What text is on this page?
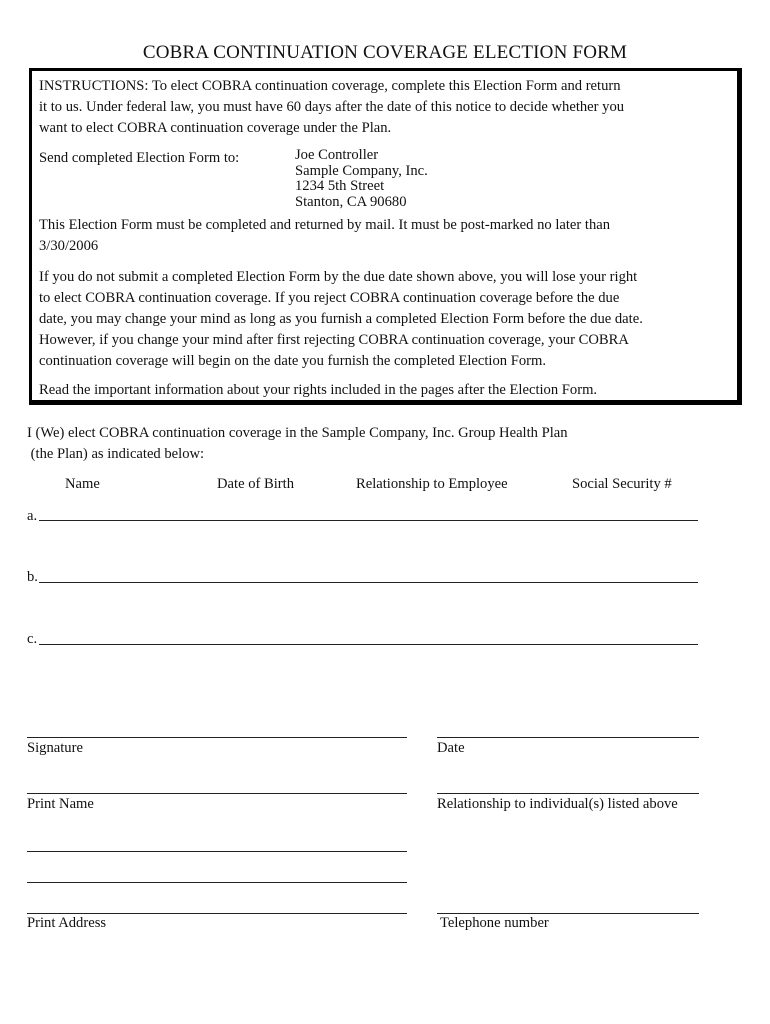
COBRA CONTINUATION COVERAGE ELECTION FORM
INSTRUCTIONS: To elect COBRA continuation coverage, complete this Election Form and return
it to us. Under federal law, you must have 60 days after the date of this notice to decide whether you
want to elect COBRA continuation coverage under the Plan.
Send completed Election Form to:	Joe Controller
Sample Company, Inc.
1234 5th Street
Stanton, CA 90680
This Election Form must be completed and returned by mail. It must be post-marked no later than
3/30/2006
If you do not submit a completed Election Form by the due date shown above, you will lose your right
to elect COBRA continuation coverage. If you reject COBRA continuation coverage before the due
date, you may change your mind as long as you furnish a completed Election Form before the due date.
However, if you change your mind after first rejecting COBRA continuation coverage, your COBRA
continuation coverage will begin on the date you furnish the completed Election Form.
Read the important information about your rights included in the pages after the Election Form.
I (We) elect COBRA continuation coverage in the Sample Company, Inc. Group Health Plan
(the Plan) as indicated below:
Name	Date of Birth	Relationship to Employee	Social Security #
a.
b.
c.
Signature	Date
Print Name	Relationship to individual(s) listed above
Print Address	Telephone number
